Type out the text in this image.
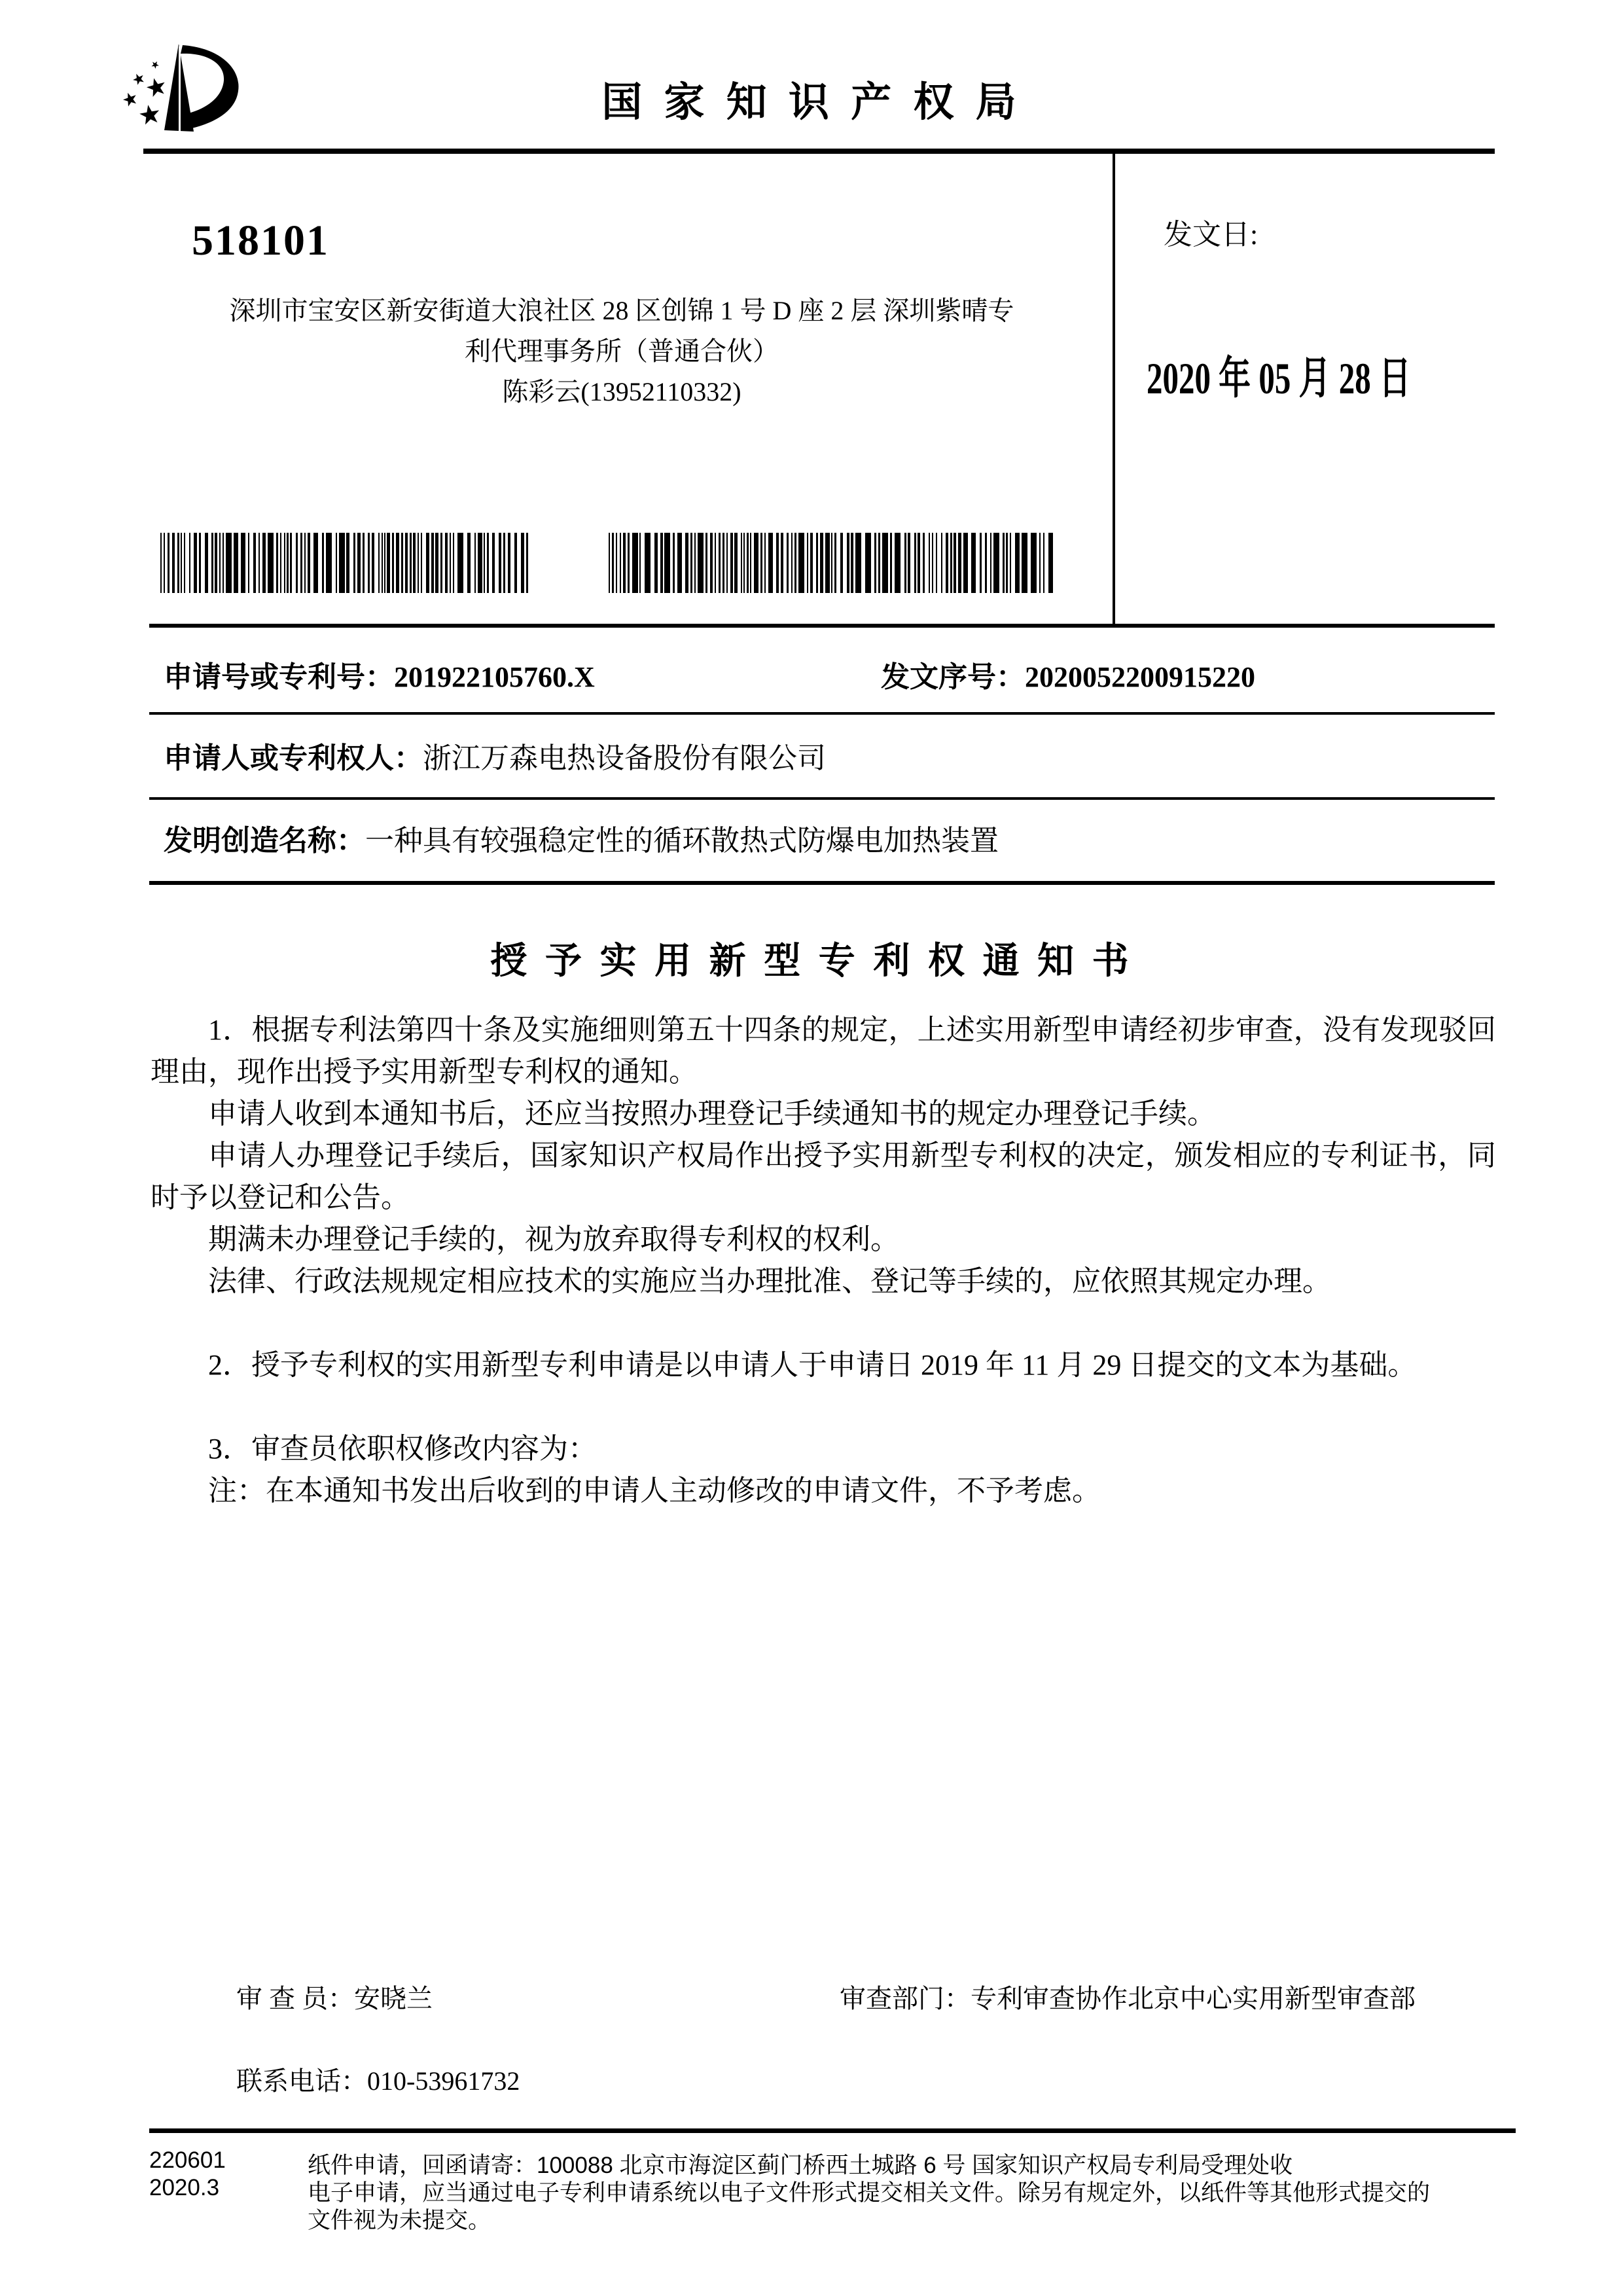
国 家 知 识 产 权 局
发文日:
2020 年 05 月 28 日
518101
深圳市宝安区新安街道大浪社区 28 区创锦 1 号 D 座 2 层 深圳紫晴专
利代理事务所（普通合伙）
陈彩云(13952110332)
申请号或专利号：201922105760.X	发文序号：2020052200915220
申请人或专利权人：浙江万森电热设备股份有限公司
发明创造名称：一种具有较强稳定性的循环散热式防爆电加热装置
授 予 实 用 新 型 专 利 权 通 知 书

1．根据专利法第四十条及实施细则第五十四条的规定，上述实用新型申请经初步审查，没有发现驳回理由，现作出授予实用新型专利权的通知。

申请人收到本通知书后，还应当按照办理登记手续通知书的规定办理登记手续。

申请人办理登记手续后，国家知识产权局作出授予实用新型专利权的决定，颁发相应的专利证书，同时予以登记和公告。

期满未办理登记手续的，视为放弃取得专利权的权利。

法律、行政法规规定相应技术的实施应当办理批准、登记等手续的，应依照其规定办理。

2．授予专利权的实用新型专利申请是以申请人于申请日 2019 年 11 月 29 日提交的文本为基础。

3．审查员依职权修改内容为：

注：在本通知书发出后收到的申请人主动修改的申请文件，不予考虑。

审 查 员：安晓兰	审查部门：专利审查协作北京中心实用新型审查部
联系电话：010-53961732
220601
2020.3
纸件申请，回函请寄：100088 北京市海淀区蓟门桥西土城路 6 号 国家知识产权局专利局受理处收
电子申请，应当通过电子专利申请系统以电子文件形式提交相关文件。除另有规定外，以纸件等其他形式提交的
文件视为未提交。
